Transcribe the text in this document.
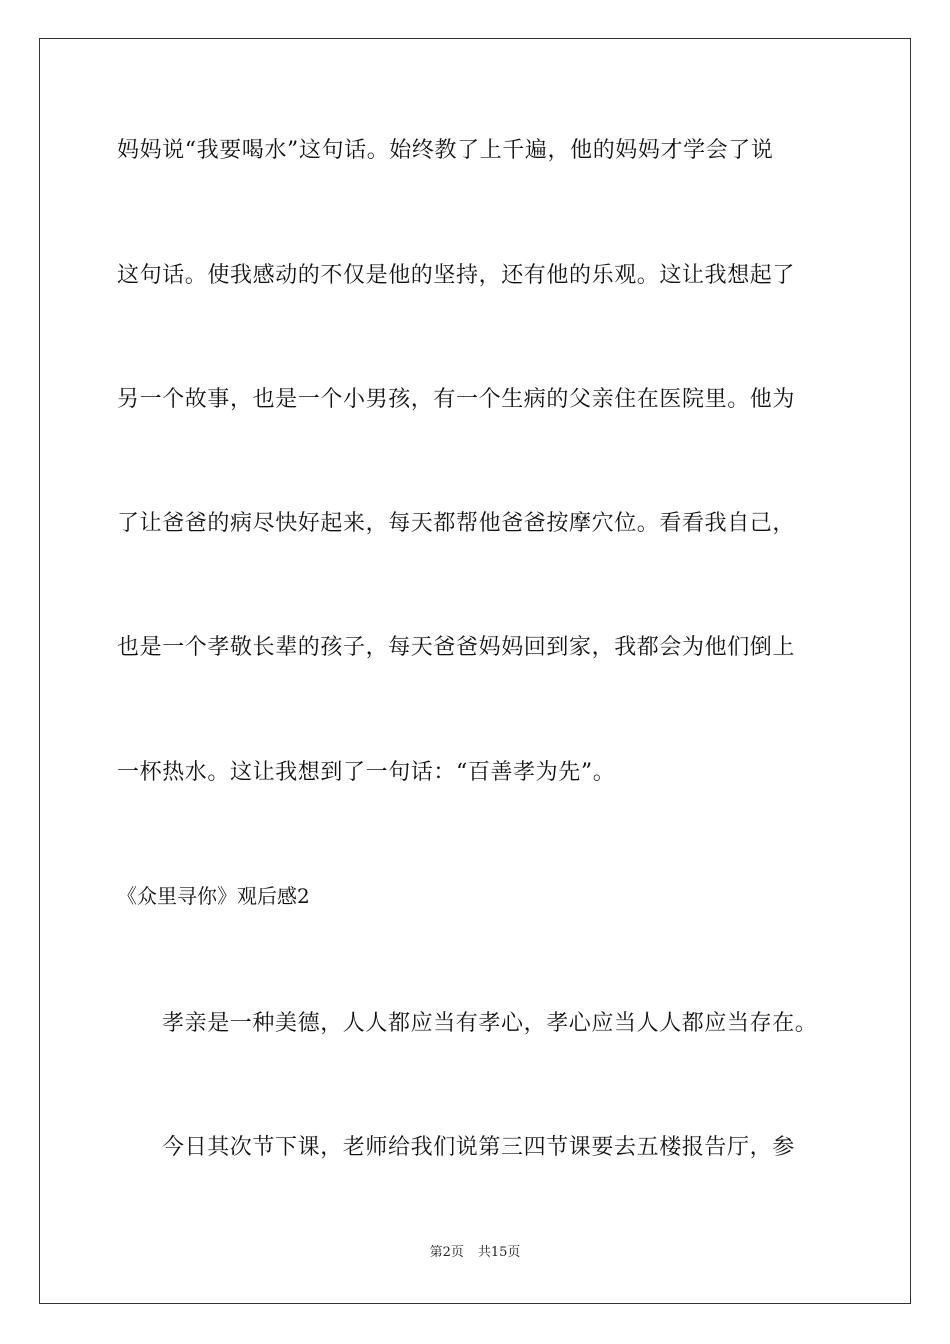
妈妈说“我要喝水”这句话。始终教了上千遍，他的妈妈才学会了说
这句话。使我感动的不仅是他的坚持，还有他的乐观。这让我想起了
另一个故事，也是一个小男孩，有一个生病的父亲住在医院里。他为
了让爸爸的病尽快好起来，每天都帮他爸爸按摩穴位。看看我自己，
也是一个孝敬长辈的孩子，每天爸爸妈妈回到家，我都会为他们倒上
一杯热水。这让我想到了一句话：“百善孝为先”。
《众里寻你》观后感2
孝亲是一种美德，人人都应当有孝心，孝心应当人人都应当存在。
今日其次节下课，老师给我们说第三四节课要去五楼报告厅，参
第2页 共15页
